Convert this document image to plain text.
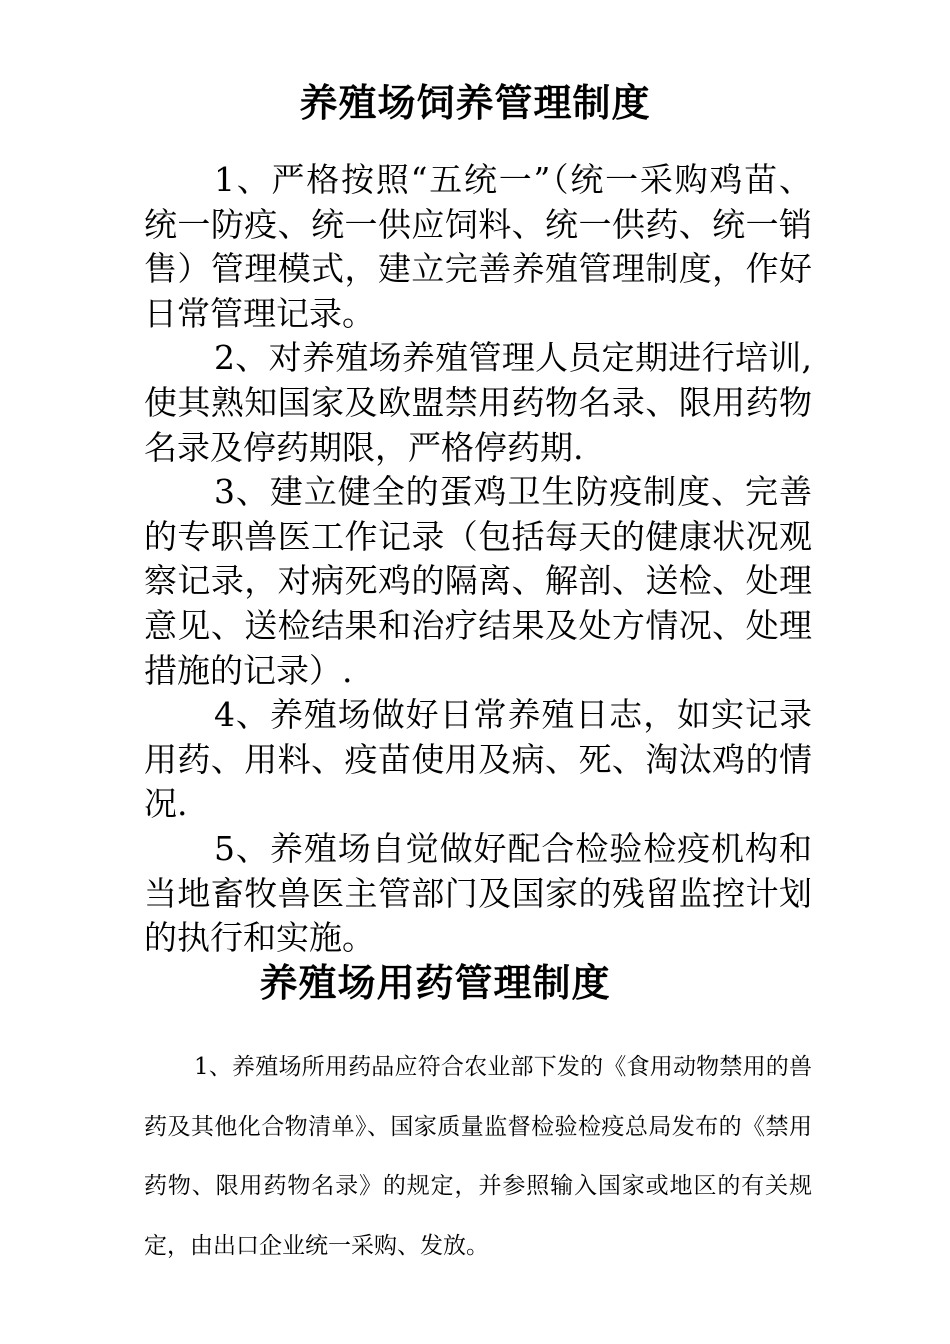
养殖场饲养管理制度

1、严格按照“五统一”（统一采购鸡苗、统一防疫、统一供应饲料、统一供药、统一销售）管理模式，建立完善养殖管理制度，作好日常管理记录。

2、对养殖场养殖管理人员定期进行培训,使其熟知国家及欧盟禁用药物名录、限用药物名录及停药期限，严格停药期.

3、建立健全的蛋鸡卫生防疫制度、完善的专职兽医工作记录（包括每天的健康状况观察记录，对病死鸡的隔离、解剖、送检、处理意见、送检结果和治疗结果及处方情况、处理措施的记录）.

4、养殖场做好日常养殖日志，如实记录用药、用料、疫苗使用及病、死、淘汰鸡的情况.

5、养殖场自觉做好配合检验检疫机构和当地畜牧兽医主管部门及国家的残留监控计划的执行和实施。

养殖场用药管理制度

1、养殖场所用药品应符合农业部下发的《食用动物禁用的兽药及其他化合物清单》、国家质量监督检验检疫总局发布的《禁用药物、限用药物名录》的规定，并参照输入国家或地区的有关规定，由出口企业统一采购、发放。
